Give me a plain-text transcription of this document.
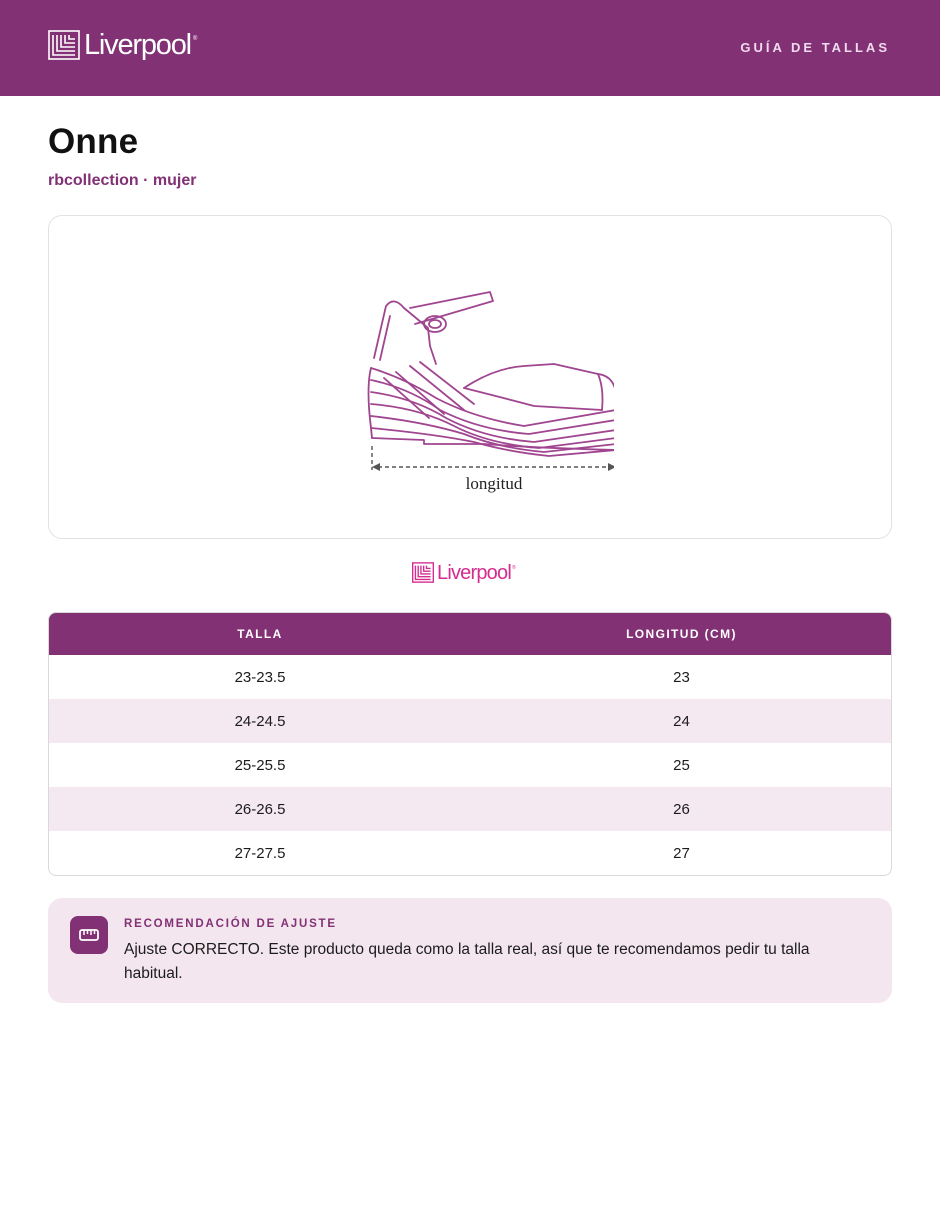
Liverpool ®
GUÍA DE TALLAS
Onne
rbcollection · mujer
longitud
Liverpool ®
TALLA	LONGITUD (CM)
23-23.5	23
24-24.5	24
25-25.5	25
26-26.5	26
27-27.5	27
RECOMENDACIÓN DE AJUSTE

Ajuste CORRECTO. Este producto queda como la talla real, así que te recomendamos pedir tu talla habitual.
